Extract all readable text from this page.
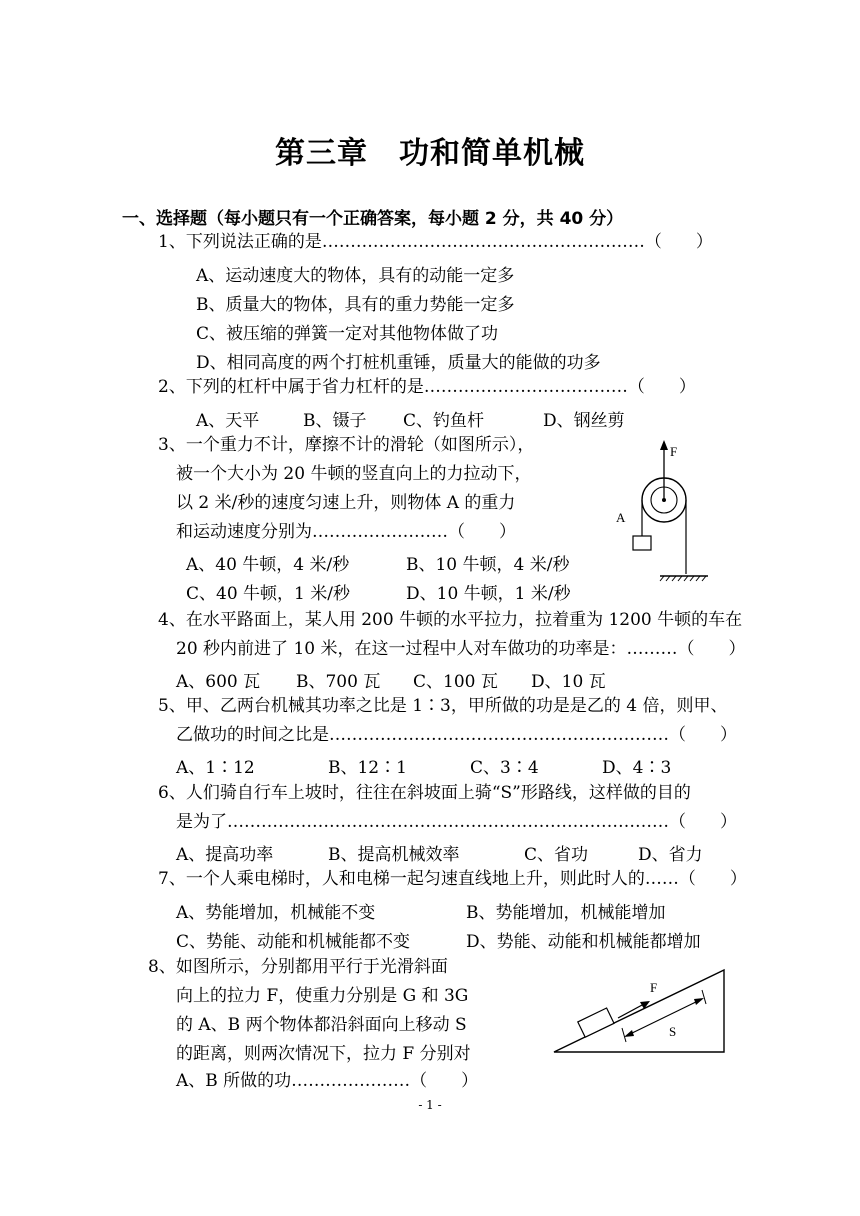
第三章　功和简单机械
一、选择题（每小题只有一个正确答案，每小题 2 分，共 40 分）
1、下列说法正确的是…………………………………………………（　　）
A、运动速度大的物体，具有的动能一定多
B、质量大的物体，具有的重力势能一定多
C、被压缩的弹簧一定对其他物体做了功
D、相同高度的两个打桩机重锤，质量大的能做的功多
2、下列的杠杆中属于省力杠杆的是………………………………（　　）
A、天平	B、镊子 C、钓鱼杆	D、钢丝剪
3、一个重力不计，摩擦不计的滑轮（如图所示），
被一个大小为 20 牛顿的竖直向上的力拉动下，
以 2 米/秒的速度匀速上升，则物体 A 的重力
和运动速度分别为……………………（　　）
A、40 牛顿，4 米/秒	B、10 牛顿，4 米/秒
C、40 牛顿，1 米/秒	D、10 牛顿，1 米/秒
F
A
4、在水平路面上，某人用 200 牛顿的水平拉力，拉着重为 1200 牛顿的车在
20 秒内前进了 10 米，在这一过程中人对车做功的功率是：………（　　）
A、600 瓦 B、700 瓦 C、100 瓦 D、10 瓦
5、甲、乙两台机械其功率之比是 1∶3，甲所做的功是是乙的 4 倍，则甲、
乙做功的时间之比是……………………………………………………（　　）
A、1∶12	B、12∶1	C、3∶4	D、4∶3
6、人们骑自行车上坡时，往往在斜坡面上骑“S”形路线，这样做的目的
是为了……………………………………………………………………（　　）
A、提高功率	B、提高机械效率	C、省功	D、省力
7、一个人乘电梯时，人和电梯一起匀速直线地上升，则此时人的……（　　）
A、势能增加，机械能不变	B、势能增加，机械能增加
C、势能、动能和机械能都不变	D、势能、动能和机械能都增加
8、如图所示，分别都用平行于光滑斜面
向上的拉力 F，使重力分别是 G 和 3G
的 A、B 两个物体都沿斜面向上移动 S
的距离，则两次情况下，拉力 F 分别对
A、B 所做的功…………………（　　）
F
S
- 1 -
